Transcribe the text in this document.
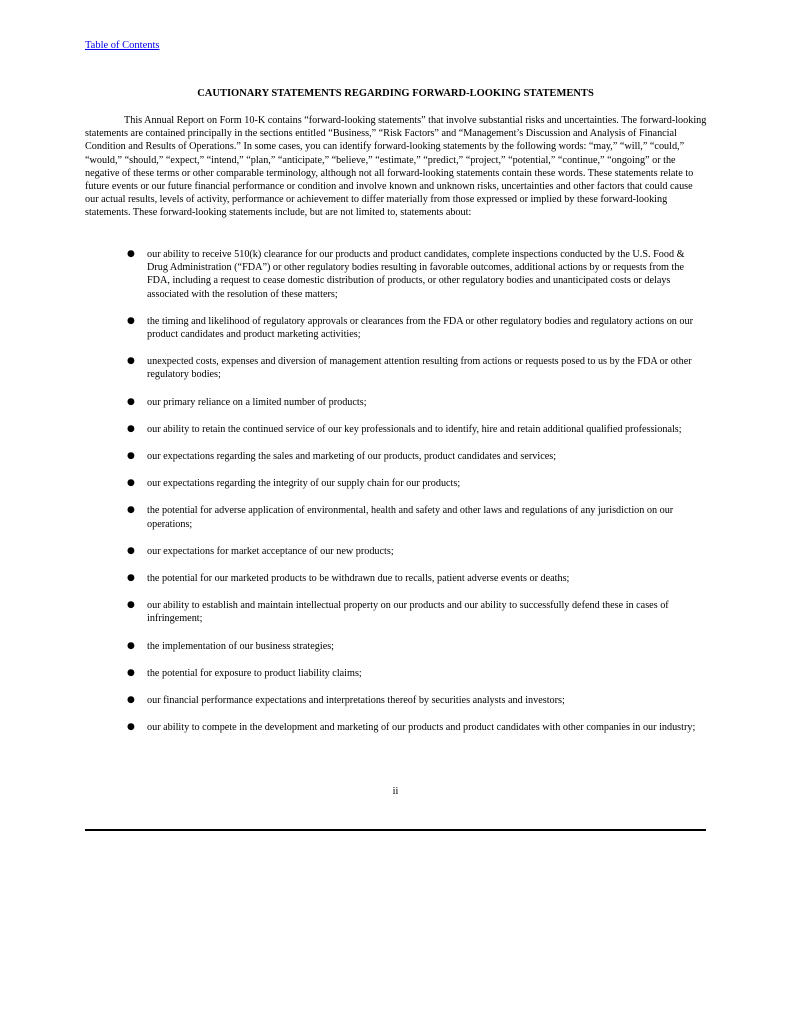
Table of Contents
CAUTIONARY STATEMENTS REGARDING FORWARD-LOOKING STATEMENTS

This Annual Report on Form 10-K contains “forward-looking statements” that involve substantial risks and uncertainties. The forward-looking statements are contained principally in the sections entitled “Business,” “Risk Factors” and “Management’s Discussion and Analysis of Financial Condition and Results of Operations.” In some cases, you can identify forward-looking statements by the following words: “may,” “will,” “could,” “would,” “should,” “expect,” “intend,” “plan,” “anticipate,” “believe,” “estimate,” “predict,” “project,” “potential,” “continue,” “ongoing” or the negative of these terms or other comparable terminology, although not all forward-looking statements contain these words. These statements relate to future events or our future financial performance or condition and involve known and unknown risks, uncertainties and other factors that could cause our actual results, levels of activity, performance or achievement to differ materially from those expressed or implied by these forward-looking statements. These forward-looking statements include, but are not limited to, statements about:

● our ability to receive 510(k) clearance for our products and product candidates, complete inspections conducted by the U.S. Food & Drug Administration (“FDA”) or other regulatory bodies resulting in favorable outcomes, additional actions by or requests from the FDA, including a request to cease domestic distribution of products, or other regulatory bodies and unanticipated costs or delays associated with the resolution of these matters;
● the timing and likelihood of regulatory approvals or clearances from the FDA or other regulatory bodies and regulatory actions on our product candidates and product marketing activities;
● unexpected costs, expenses and diversion of management attention resulting from actions or requests posed to us by the FDA or other regulatory bodies;
● our primary reliance on a limited number of products;
● our ability to retain the continued service of our key professionals and to identify, hire and retain additional qualified professionals;
● our expectations regarding the sales and marketing of our products, product candidates and services;
● our expectations regarding the integrity of our supply chain for our products;
● the potential for adverse application of environmental, health and safety and other laws and regulations of any jurisdiction on our operations;
● our expectations for market acceptance of our new products;
● the potential for our marketed products to be withdrawn due to recalls, patient adverse events or deaths;
● our ability to establish and maintain intellectual property on our products and our ability to successfully defend these in cases of infringement;
● the implementation of our business strategies;
● the potential for exposure to product liability claims;
● our financial performance expectations and interpretations thereof by securities analysts and investors;
● our ability to compete in the development and marketing of our products and product candidates with other companies in our industry;
ii
